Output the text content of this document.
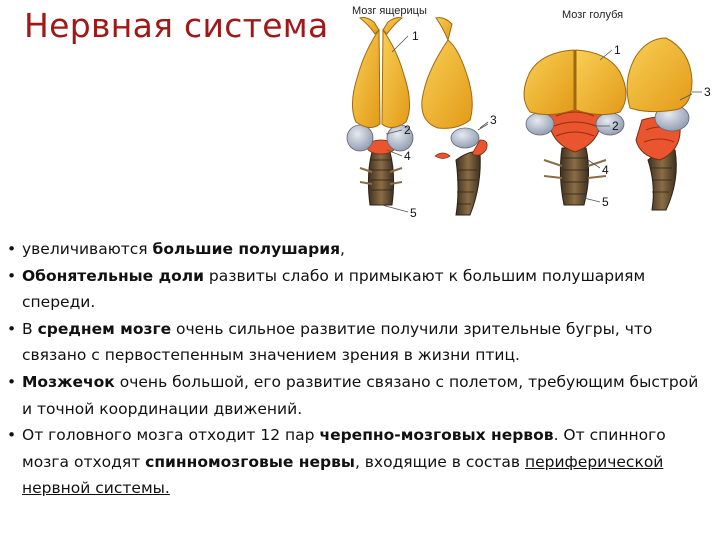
Нервная система Мозг ящерицы	Мозг голубя
1
2
3
4
5
1
2
3
4
5
• увеличиваются большие полушария,
• Обонятельные доли развиты слабо и примыкают к большим полушариям спереди.
• В среднем мозге очень сильное развитие получили зрительные бугры, что связано с первостепенным значением зрения в жизни птиц.
• Мозжечок очень большой, его развитие связано с полетом, требующим быстрой и точной координации движений.
• От головного мозга отходит 12 пар черепно-мозговых нервов. От спинного мозга отходят спинномозговые нервы, входящие в состав периферической нервной системы.
